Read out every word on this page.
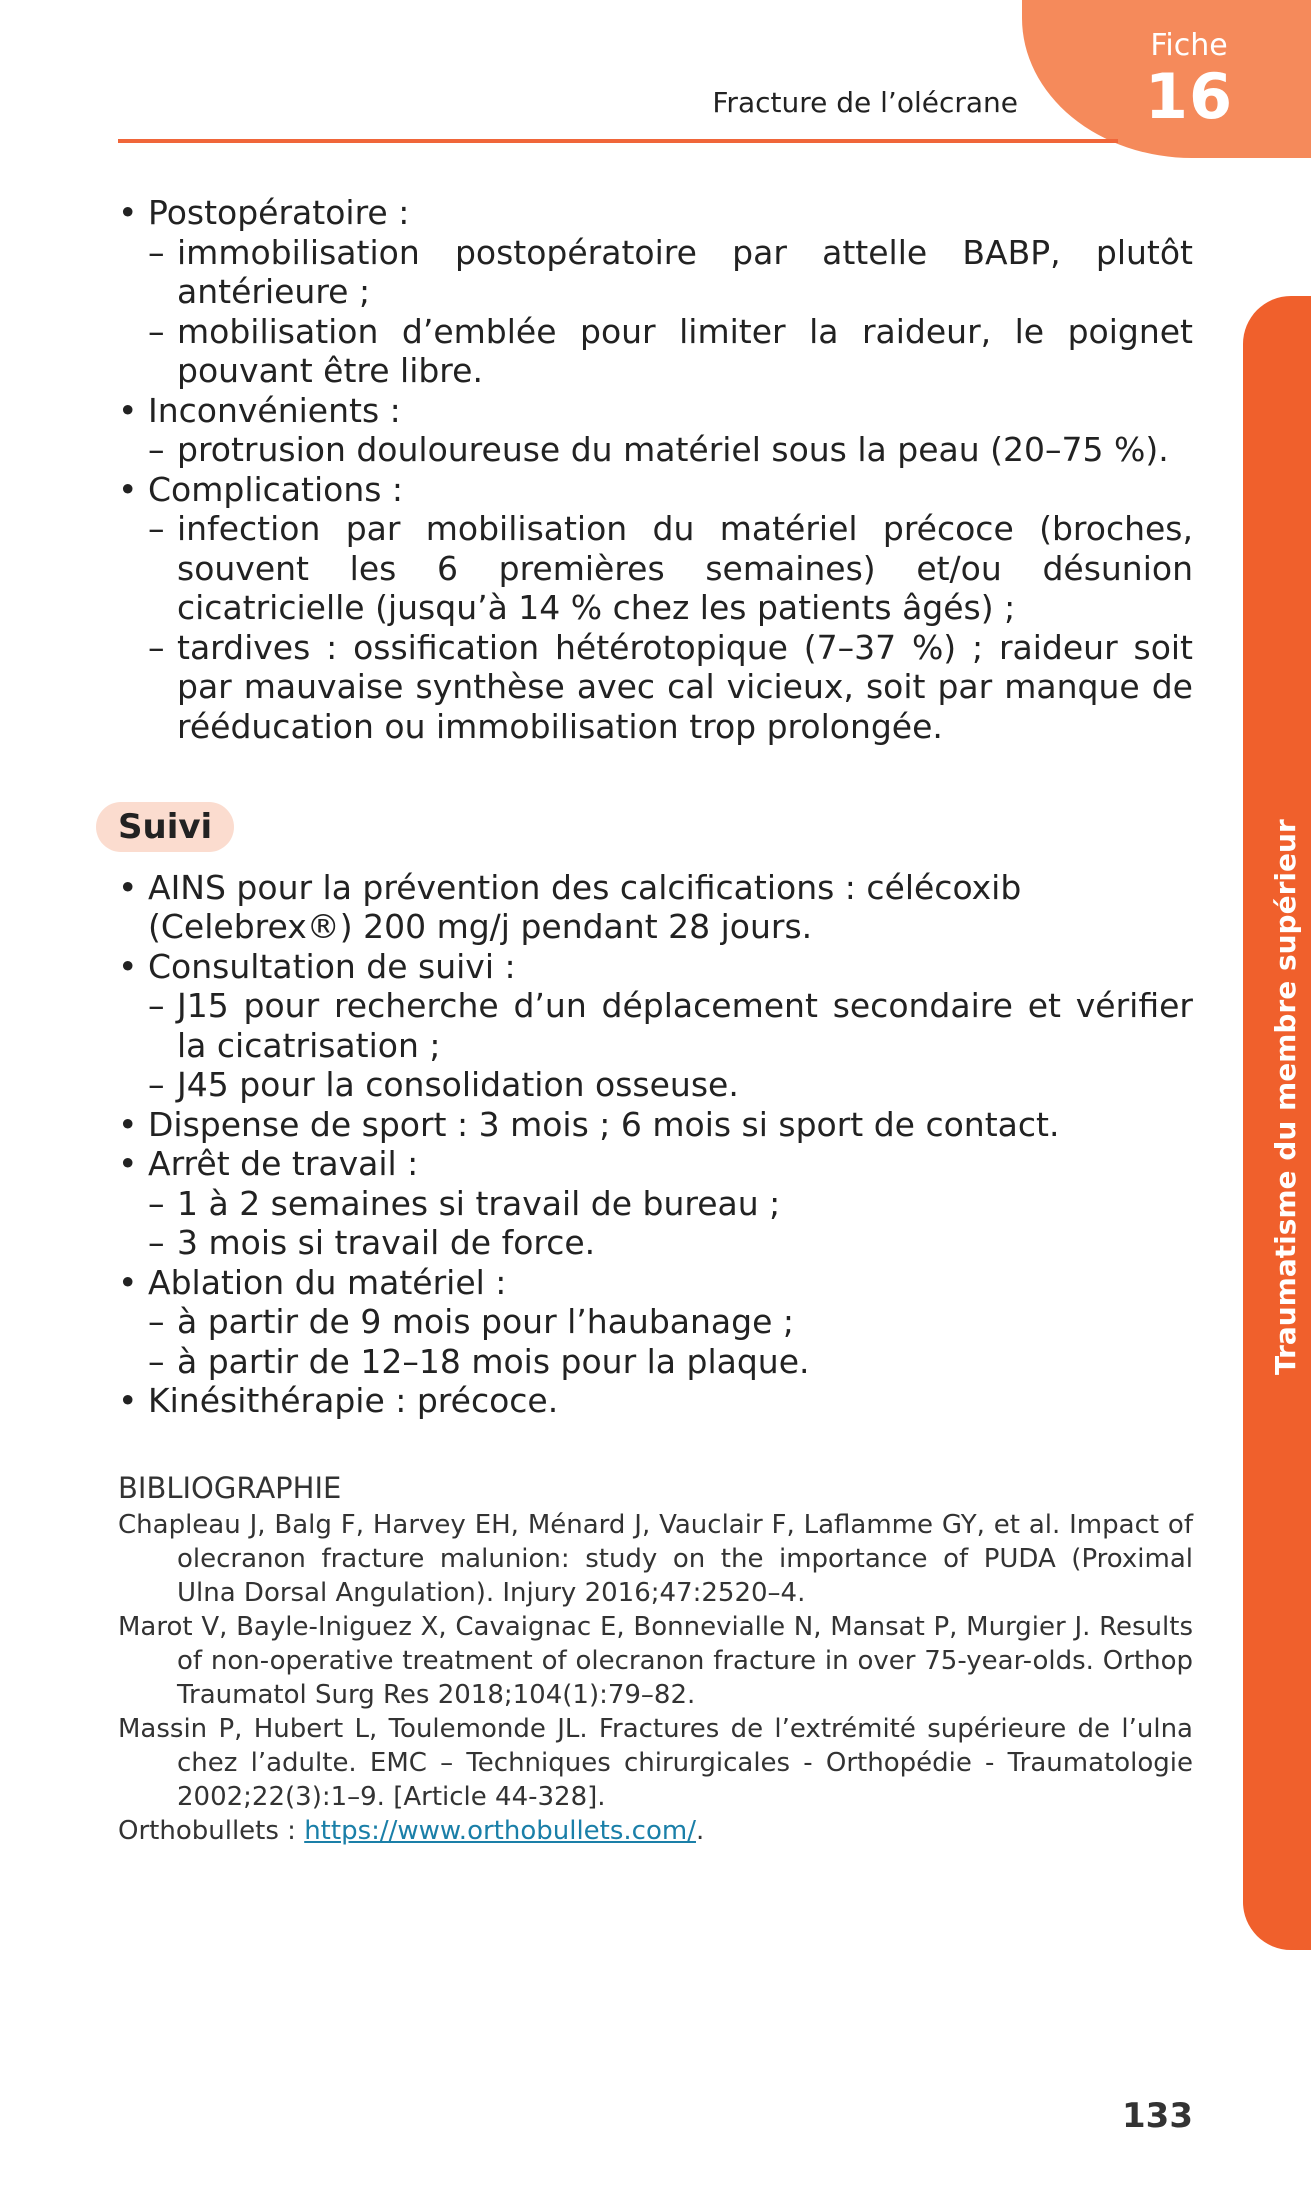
Fiche
16
Fracture de l’olécrane
Traumatisme du membre supérieur
• Postopératoire :
– immobilisation postopératoire par attelle BABP, plutôt antérieure ;
– mobilisation d’emblée pour limiter la raideur, le poignet pouvant être libre.
• Inconvénients :
– protrusion douloureuse du matériel sous la peau (20–75 %).
• Complications :
– infection par mobilisation du matériel précoce (broches, souvent les 6 premières semaines) et/ou désunion cicatricielle (jusqu’à 14 % chez les patients âgés) ;
– tardives : ossification hétérotopique (7–37 %) ; raideur soit par mauvaise synthèse avec cal vicieux, soit par manque de rééducation ou immobilisation trop prolongée.
Suivi
• AINS pour la prévention des calcifications : célécoxib (Celebrex®) 200 mg/j pendant 28 jours.
• Consultation de suivi :
– J15 pour recherche d’un déplacement secondaire et vérifier la cicatrisation ;
– J45 pour la consolidation osseuse.
• Dispense de sport : 3 mois ; 6 mois si sport de contact.
• Arrêt de travail :
– 1 à 2 semaines si travail de bureau ;
– 3 mois si travail de force.
• Ablation du matériel :
– à partir de 9 mois pour l’haubanage ;
– à partir de 12–18 mois pour la plaque.
• Kinésithérapie : précoce.
BIBLIOGRAPHIE
Chapleau J, Balg F, Harvey EH, Ménard J, Vauclair F, Laflamme GY, et al. Impact of olecranon fracture malunion: study on the importance of PUDA (Proximal Ulna Dorsal Angulation). Injury 2016;47:2520–4.
Marot V, Bayle-Iniguez X, Cavaignac E, Bonnevialle N, Mansat P, Murgier J. Results of non-operative treatment of olecranon fracture in over 75-year-olds. Orthop Traumatol Surg Res 2018;104(1):79–82.
Massin P, Hubert L, Toulemonde JL. Fractures de l’extrémité supérieure de l’ulna chez l’adulte. EMC – Techniques chirurgicales - Orthopédie - Traumatologie 2002;22(3):1–9. [Article 44-328].
Orthobullets : https://www.orthobullets.com/.
133
